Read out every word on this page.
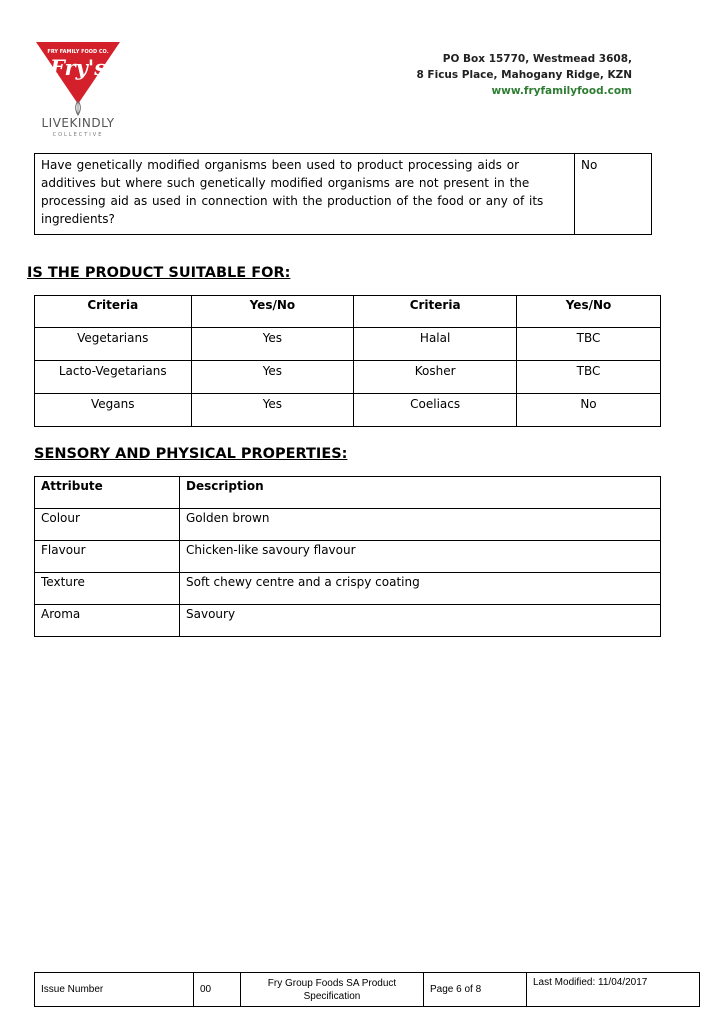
FRY FAMILY FOOD CO.
Fry's
LIVEKINDLY
COLLECTIVE
PO Box 15770, Westmead 3608,
8 Ficus Place, Mahogany Ridge, KZN
www.fryfamilyfood.com
Have genetically modified organisms been used to product processing aids or additives but where such genetically modified organisms are not present in the processing aid as used in connection with the production of the food or any of its ingredients?	No
IS THE PRODUCT SUITABLE FOR:
Criteria	Yes/No	Criteria	Yes/No
Vegetarians	Yes	Halal	TBC
Lacto-Vegetarians	Yes	Kosher	TBC
Vegans	Yes	Coeliacs	No
SENSORY AND PHYSICAL PROPERTIES:
Attribute	Description
Colour	Golden brown
Flavour	Chicken-like savoury flavour
Texture	Soft chewy centre and a crispy coating
Aroma	Savoury
Issue Number	00	Fry Group Foods SA Product Specification	Page 6 of 8	Last Modified: 11/04/2017
